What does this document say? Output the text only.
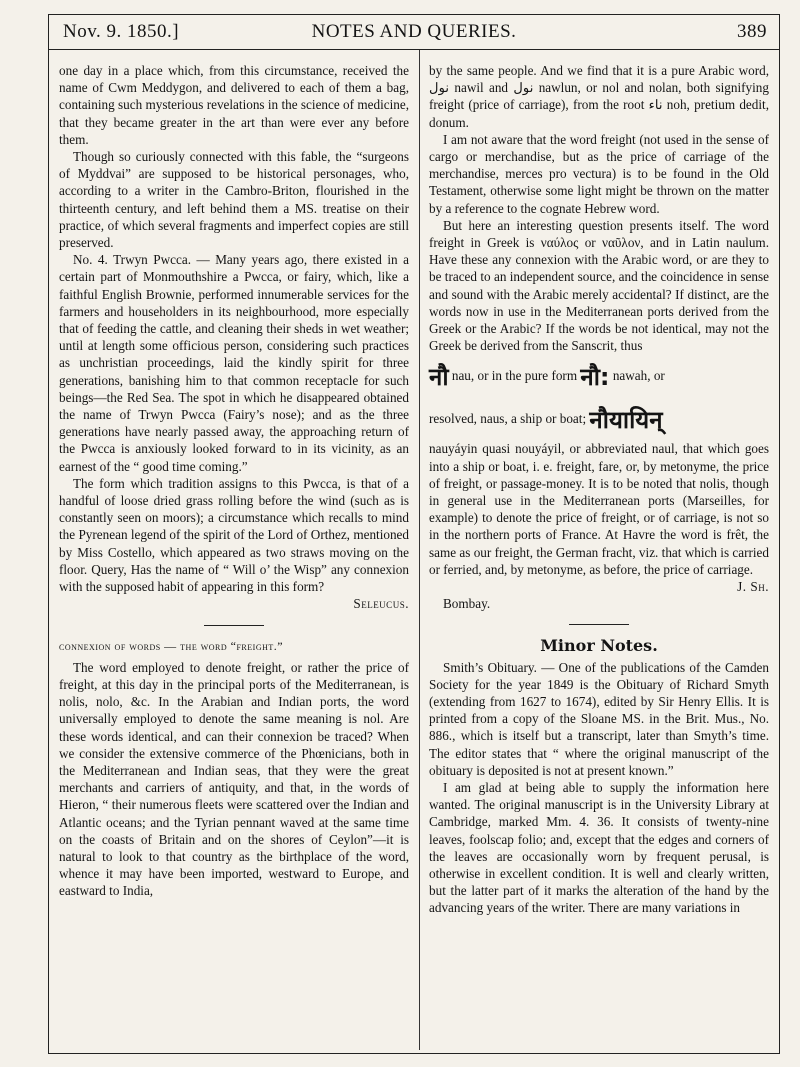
Nov. 9. 1850.]	NOTES AND QUERIES.	389

one day in a place which, from this circumstance, received the name of Cwm Meddygon, and delivered to each of them a bag, containing such mysterious revelations in the science of medicine, that they became greater in the art than were ever any before them.

Though so curiously connected with this fable, the “surgeons of Myddvai” are supposed to be historical personages, who, according to a writer in the Cambro-Briton, flourished in the thirteenth century, and left behind them a MS. treatise on their practice, of which several fragments and imperfect copies are still preserved.

No. 4. Trwyn Pwcca. — Many years ago, there existed in a certain part of Monmouthshire a Pwcca, or fairy, which, like a faithful English Brownie, performed innumerable services for the farmers and householders in its neighbourhood, more especially that of feeding the cattle, and cleaning their sheds in wet weather; until at length some officious person, considering such practices as unchristian proceedings, laid the kindly spirit for three generations, banishing him to that common receptacle for such beings—the Red Sea. The spot in which he disappeared obtained the name of Trwyn Pwcca (Fairy’s nose); and as the three generations have nearly passed away, the approaching return of the Pwcca is anxiously looked forward to in its vicinity, as an earnest of the “ good time coming.”

The form which tradition assigns to this Pwcca, is that of a handful of loose dried grass rolling before the wind (such as is constantly seen on moors); a circumstance which recalls to mind the Pyrenean legend of the spirit of the Lord of Orthez, mentioned by Miss Costello, which appeared as two straws moving on the floor. Query, Has the name of “ Will o’ the Wisp” any connexion with the supposed habit of appearing in this form?

Seleucus.

connexion of words — the word “freight.”

The word employed to denote freight, or rather the price of freight, at this day in the principal ports of the Mediterranean, is nolis, nolo, &c. In the Arabian and Indian ports, the word universally employed to denote the same meaning is nol. Are these words identical, and can their connexion be traced? When we consider the extensive commerce of the Phœnicians, both in the Mediterranean and Indian seas, that they were the great merchants and carriers of antiquity, and that, in the words of Hieron, “ their numerous fleets were scattered over the Indian and Atlantic oceans; and the Tyrian pennant waved at the same time on the coasts of Britain and on the shores of Ceylon”—it is natural to look to that country as the birthplace of the word, whence it may have been imported, westward to Europe, and eastward to India,

by the same people. And we find that it is a pure Arabic word, نول nawil and نول nawlun, or nol and nolan, both signifying freight (price of carriage), from the root ناء noh, pretium dedit, donum.

I am not aware that the word freight (not used in the sense of cargo or merchandise, but as the price of carriage of the merchandise, merces pro vectura) is to be found in the Old Testament, otherwise some light might be thrown on the matter by a reference to the cognate Hebrew word.

But here an interesting question presents itself. The word freight in Greek is ναύλος or ναῦλον, and in Latin naulum. Have these any connexion with the Arabic word, or are they to be traced to an independent source, and the coincidence in sense and sound with the Arabic merely accidental? If distinct, are the words now in use in the Mediterranean ports derived from the Greek or the Arabic? If the words be not identical, may not the Greek be derived from the Sanscrit, thus

नौ nau, or in the pure form नौ: nawah, or

resolved, naus, a ship or boat; नौयायिन्

nauyáyin quasi nouyáyil, or abbreviated naul, that which goes into a ship or boat, i. e. freight, fare, or, by metonyme, the price of freight, or passage-money. It is to be noted that nolis, though in general use in the Mediterranean ports (Marseilles, for example) to denote the price of freight, or of carriage, is not so in the northern ports of France. At Havre the word is frêt, the same as our freight, the German fracht, viz. that which is carried or ferried, and, by metonyme, as before, the price of carriage.

J. Sh.

Bombay.

Minor Notes.

Smith’s Obituary. — One of the publications of the Camden Society for the year 1849 is the Obituary of Richard Smyth (extending from 1627 to 1674), edited by Sir Henry Ellis. It is printed from a copy of the Sloane MS. in the Brit. Mus., No. 886., which is itself but a transcript, later than Smyth’s time. The editor states that “ where the original manuscript of the obituary is deposited is not at present known.”

I am glad at being able to supply the information here wanted. The original manuscript is in the University Library at Cambridge, marked Mm. 4. 36. It consists of twenty-nine leaves, foolscap folio; and, except that the edges and corners of the leaves are occasionally worn by frequent perusal, is otherwise in excellent condition. It is well and clearly written, but the latter part of it marks the alteration of the hand by the advancing years of the writer. There are many variations in
